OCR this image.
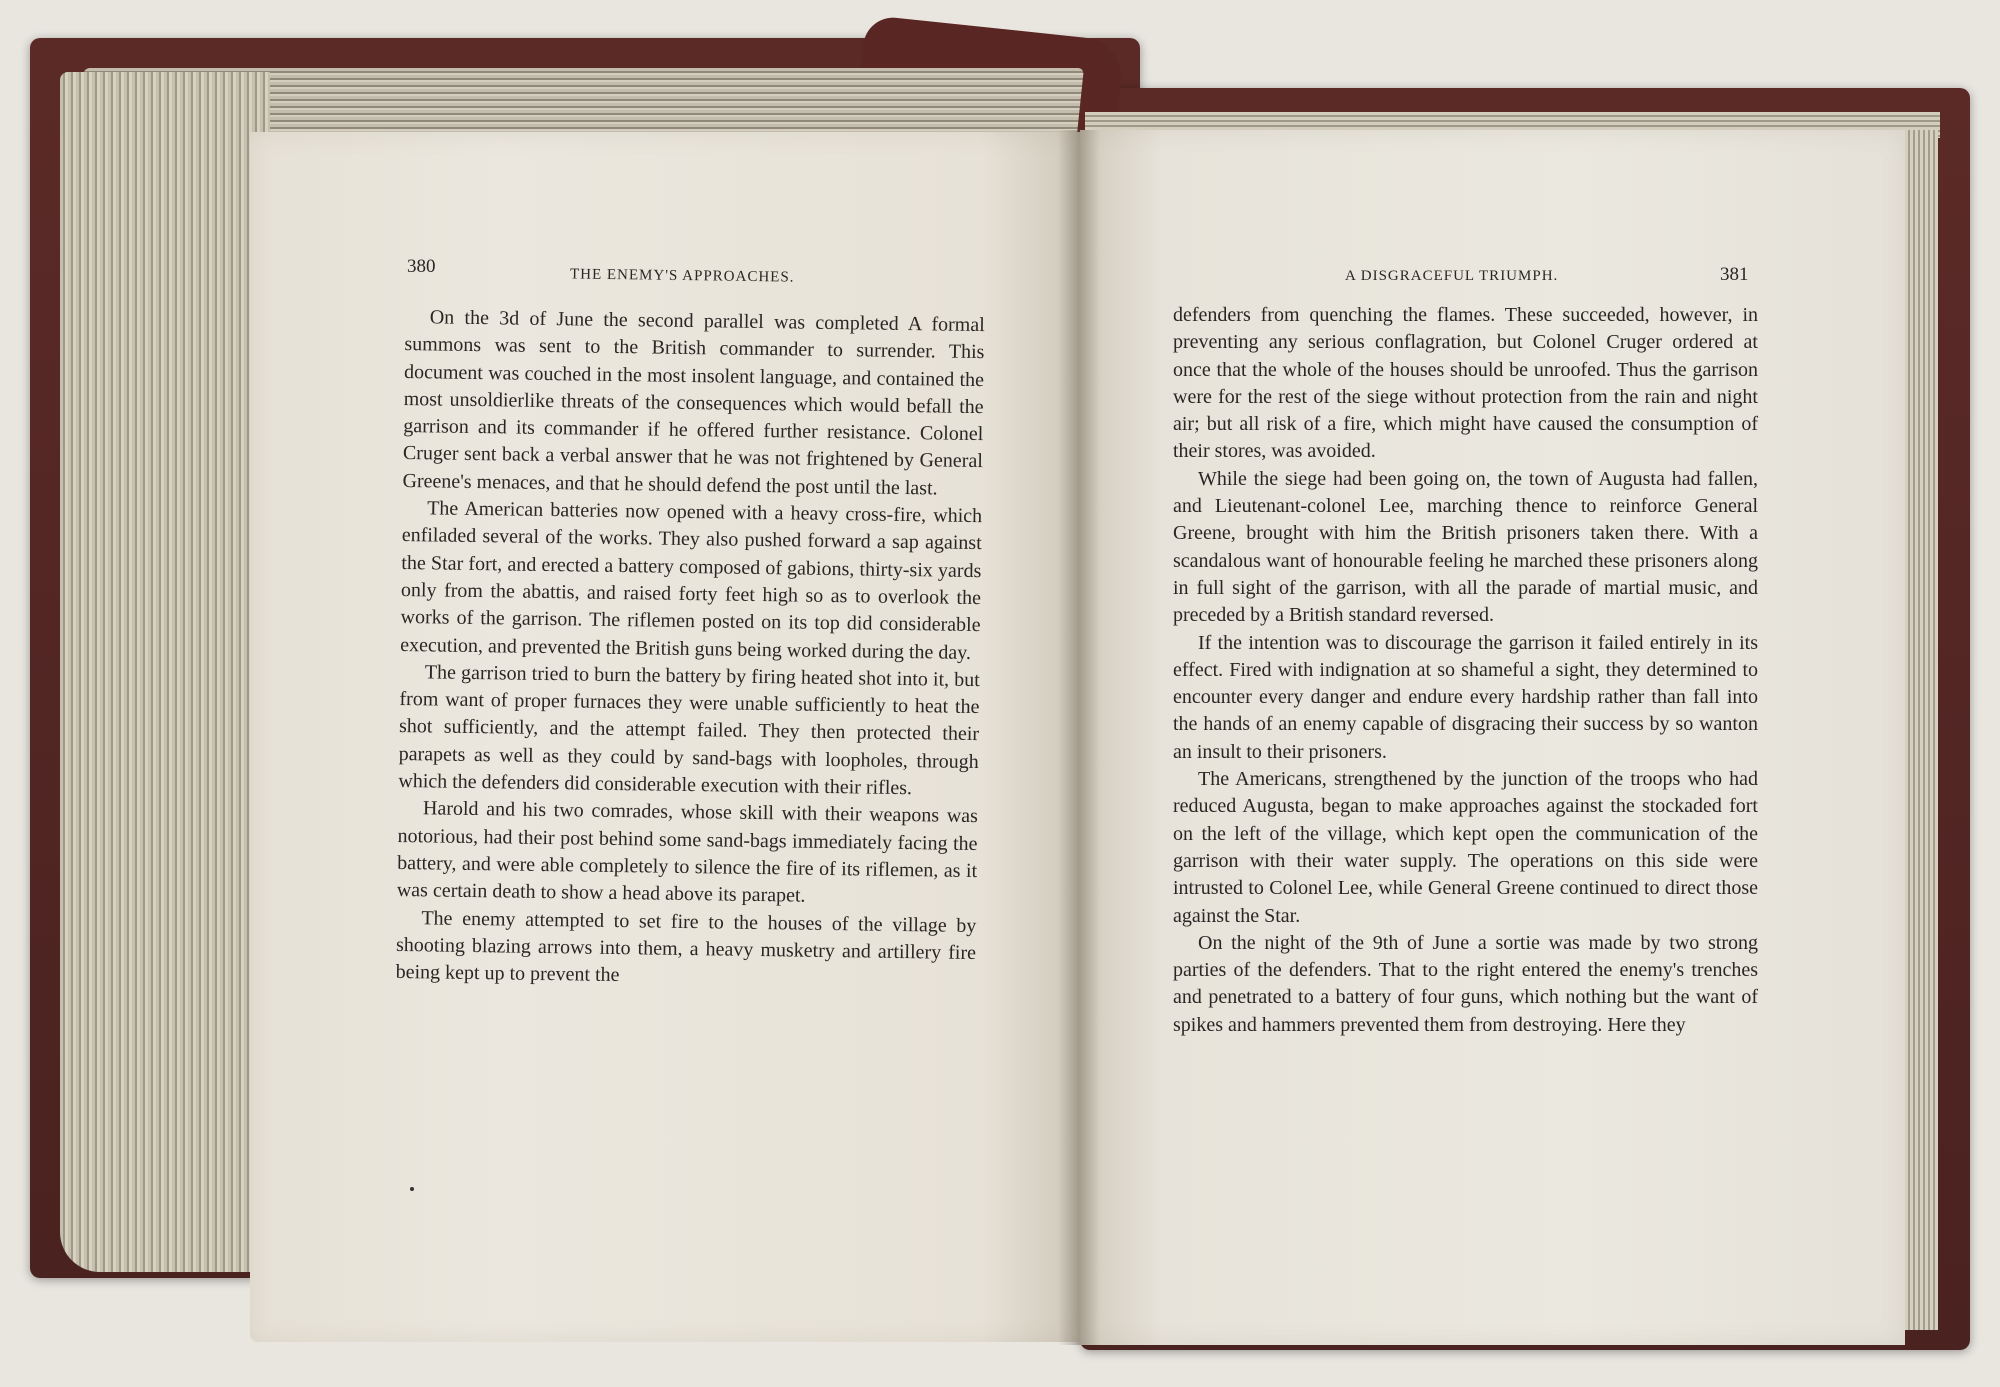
380	THE ENEMY'S APPROACHES.

On the 3d of June the second parallel was completed A formal summons was sent to the British commander to surrender. This document was couched in the most insolent language, and contained the most unsoldierlike threats of the consequences which would befall the garrison and its commander if he offered further resistance. Colonel Cruger sent back a verbal answer that he was not frightened by General Greene's menaces, and that he should defend the post until the last.

The American batteries now opened with a heavy cross-fire, which enfiladed several of the works. They also pushed forward a sap against the Star fort, and erected a battery composed of gabions, thirty-six yards only from the abattis, and raised forty feet high so as to overlook the works of the garrison. The riflemen posted on its top did considerable execution, and prevented the British guns being worked during the day.

The garrison tried to burn the battery by firing heated shot into it, but from want of proper furnaces they were unable sufficiently to heat the shot sufficiently, and the attempt failed. They then protected their parapets as well as they could by sand-bags with loopholes, through which the defenders did considerable execution with their rifles.

Harold and his two comrades, whose skill with their weapons was notorious, had their post behind some sand-bags immediately facing the battery, and were able completely to silence the fire of its riflemen, as it was certain death to show a head above its parapet.

The enemy attempted to set fire to the houses of the village by shooting blazing arrows into them, a heavy musketry and artillery fire being kept up to prevent the

A DISGRACEFUL TRIUMPH.	381

defenders from quenching the flames. These succeeded, however, in preventing any serious conflagration, but Colonel Cruger ordered at once that the whole of the houses should be unroofed. Thus the garrison were for the rest of the siege without protection from the rain and night air; but all risk of a fire, which might have caused the consumption of their stores, was avoided.

While the siege had been going on, the town of Augusta had fallen, and Lieutenant-colonel Lee, marching thence to reinforce General Greene, brought with him the British prisoners taken there. With a scandalous want of honourable feeling he marched these prisoners along in full sight of the garrison, with all the parade of martial music, and preceded by a British standard reversed.

If the intention was to discourage the garrison it failed entirely in its effect. Fired with indignation at so shameful a sight, they determined to encounter every danger and endure every hardship rather than fall into the hands of an enemy capable of disgracing their success by so wanton an insult to their prisoners.

The Americans, strengthened by the junction of the troops who had reduced Augusta, began to make approaches against the stockaded fort on the left of the village, which kept open the communication of the garrison with their water supply. The operations on this side were intrusted to Colonel Lee, while General Greene continued to direct those against the Star.

On the night of the 9th of June a sortie was made by two strong parties of the defenders. That to the right entered the enemy's trenches and penetrated to a battery of four guns, which nothing but the want of spikes and hammers prevented them from destroying. Here they
